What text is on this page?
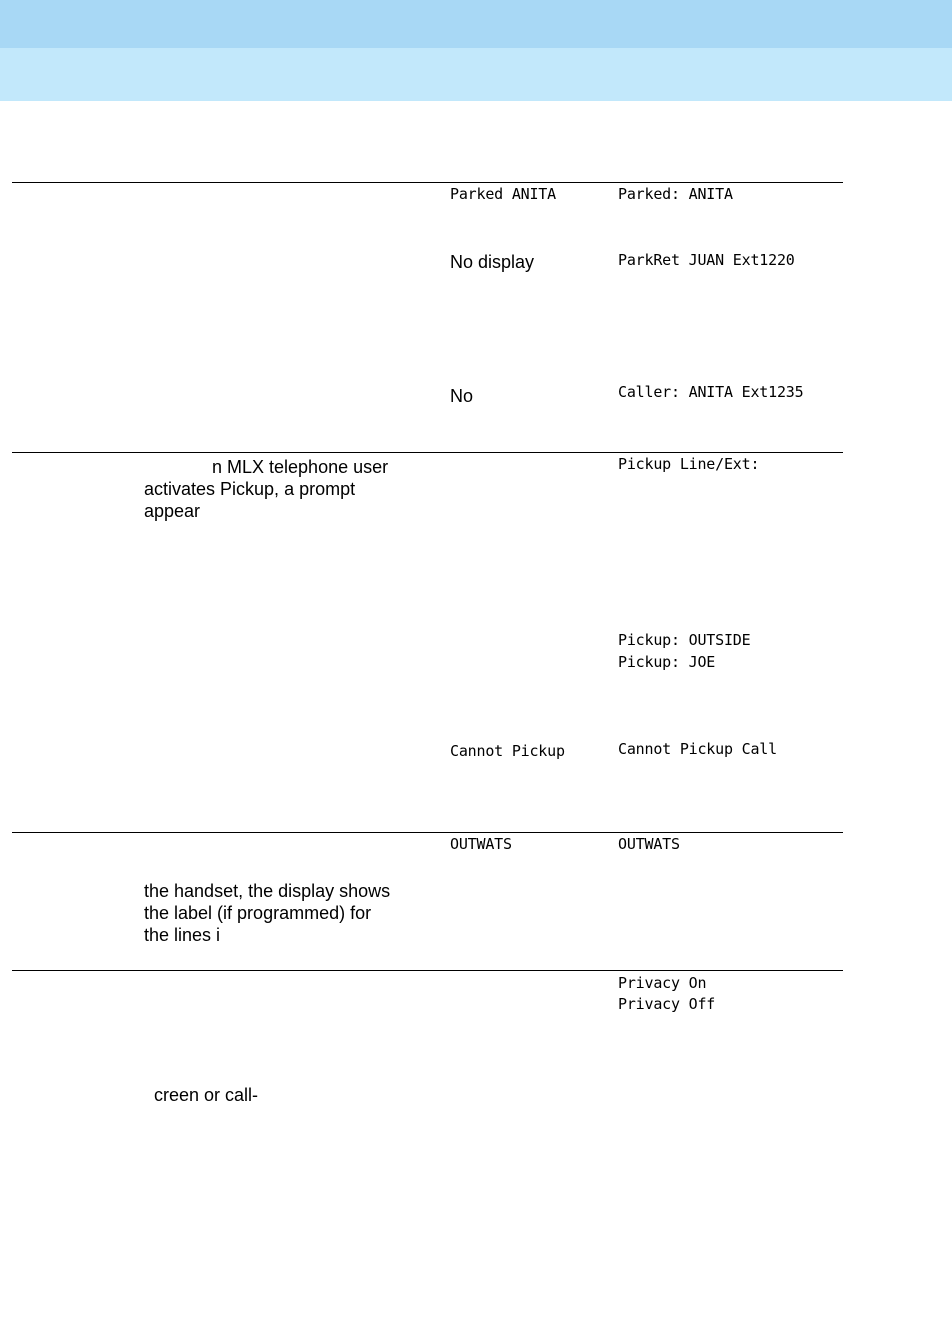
Parked ANITA	Parked: ANITA
No display	ParkRet JUAN Ext1220
No	Caller: ANITA Ext1235
n MLX telephone user
activates Pickup, a prompt
appear
Pickup Line/Ext:
Pickup: OUTSIDE
Pickup: JOE
Cannot Pickup	Cannot Pickup Call
OUTWATS	OUTWATS
the handset, the display shows
the label (if programmed) for
the lines i
Privacy On
Privacy Off
creen or call-
